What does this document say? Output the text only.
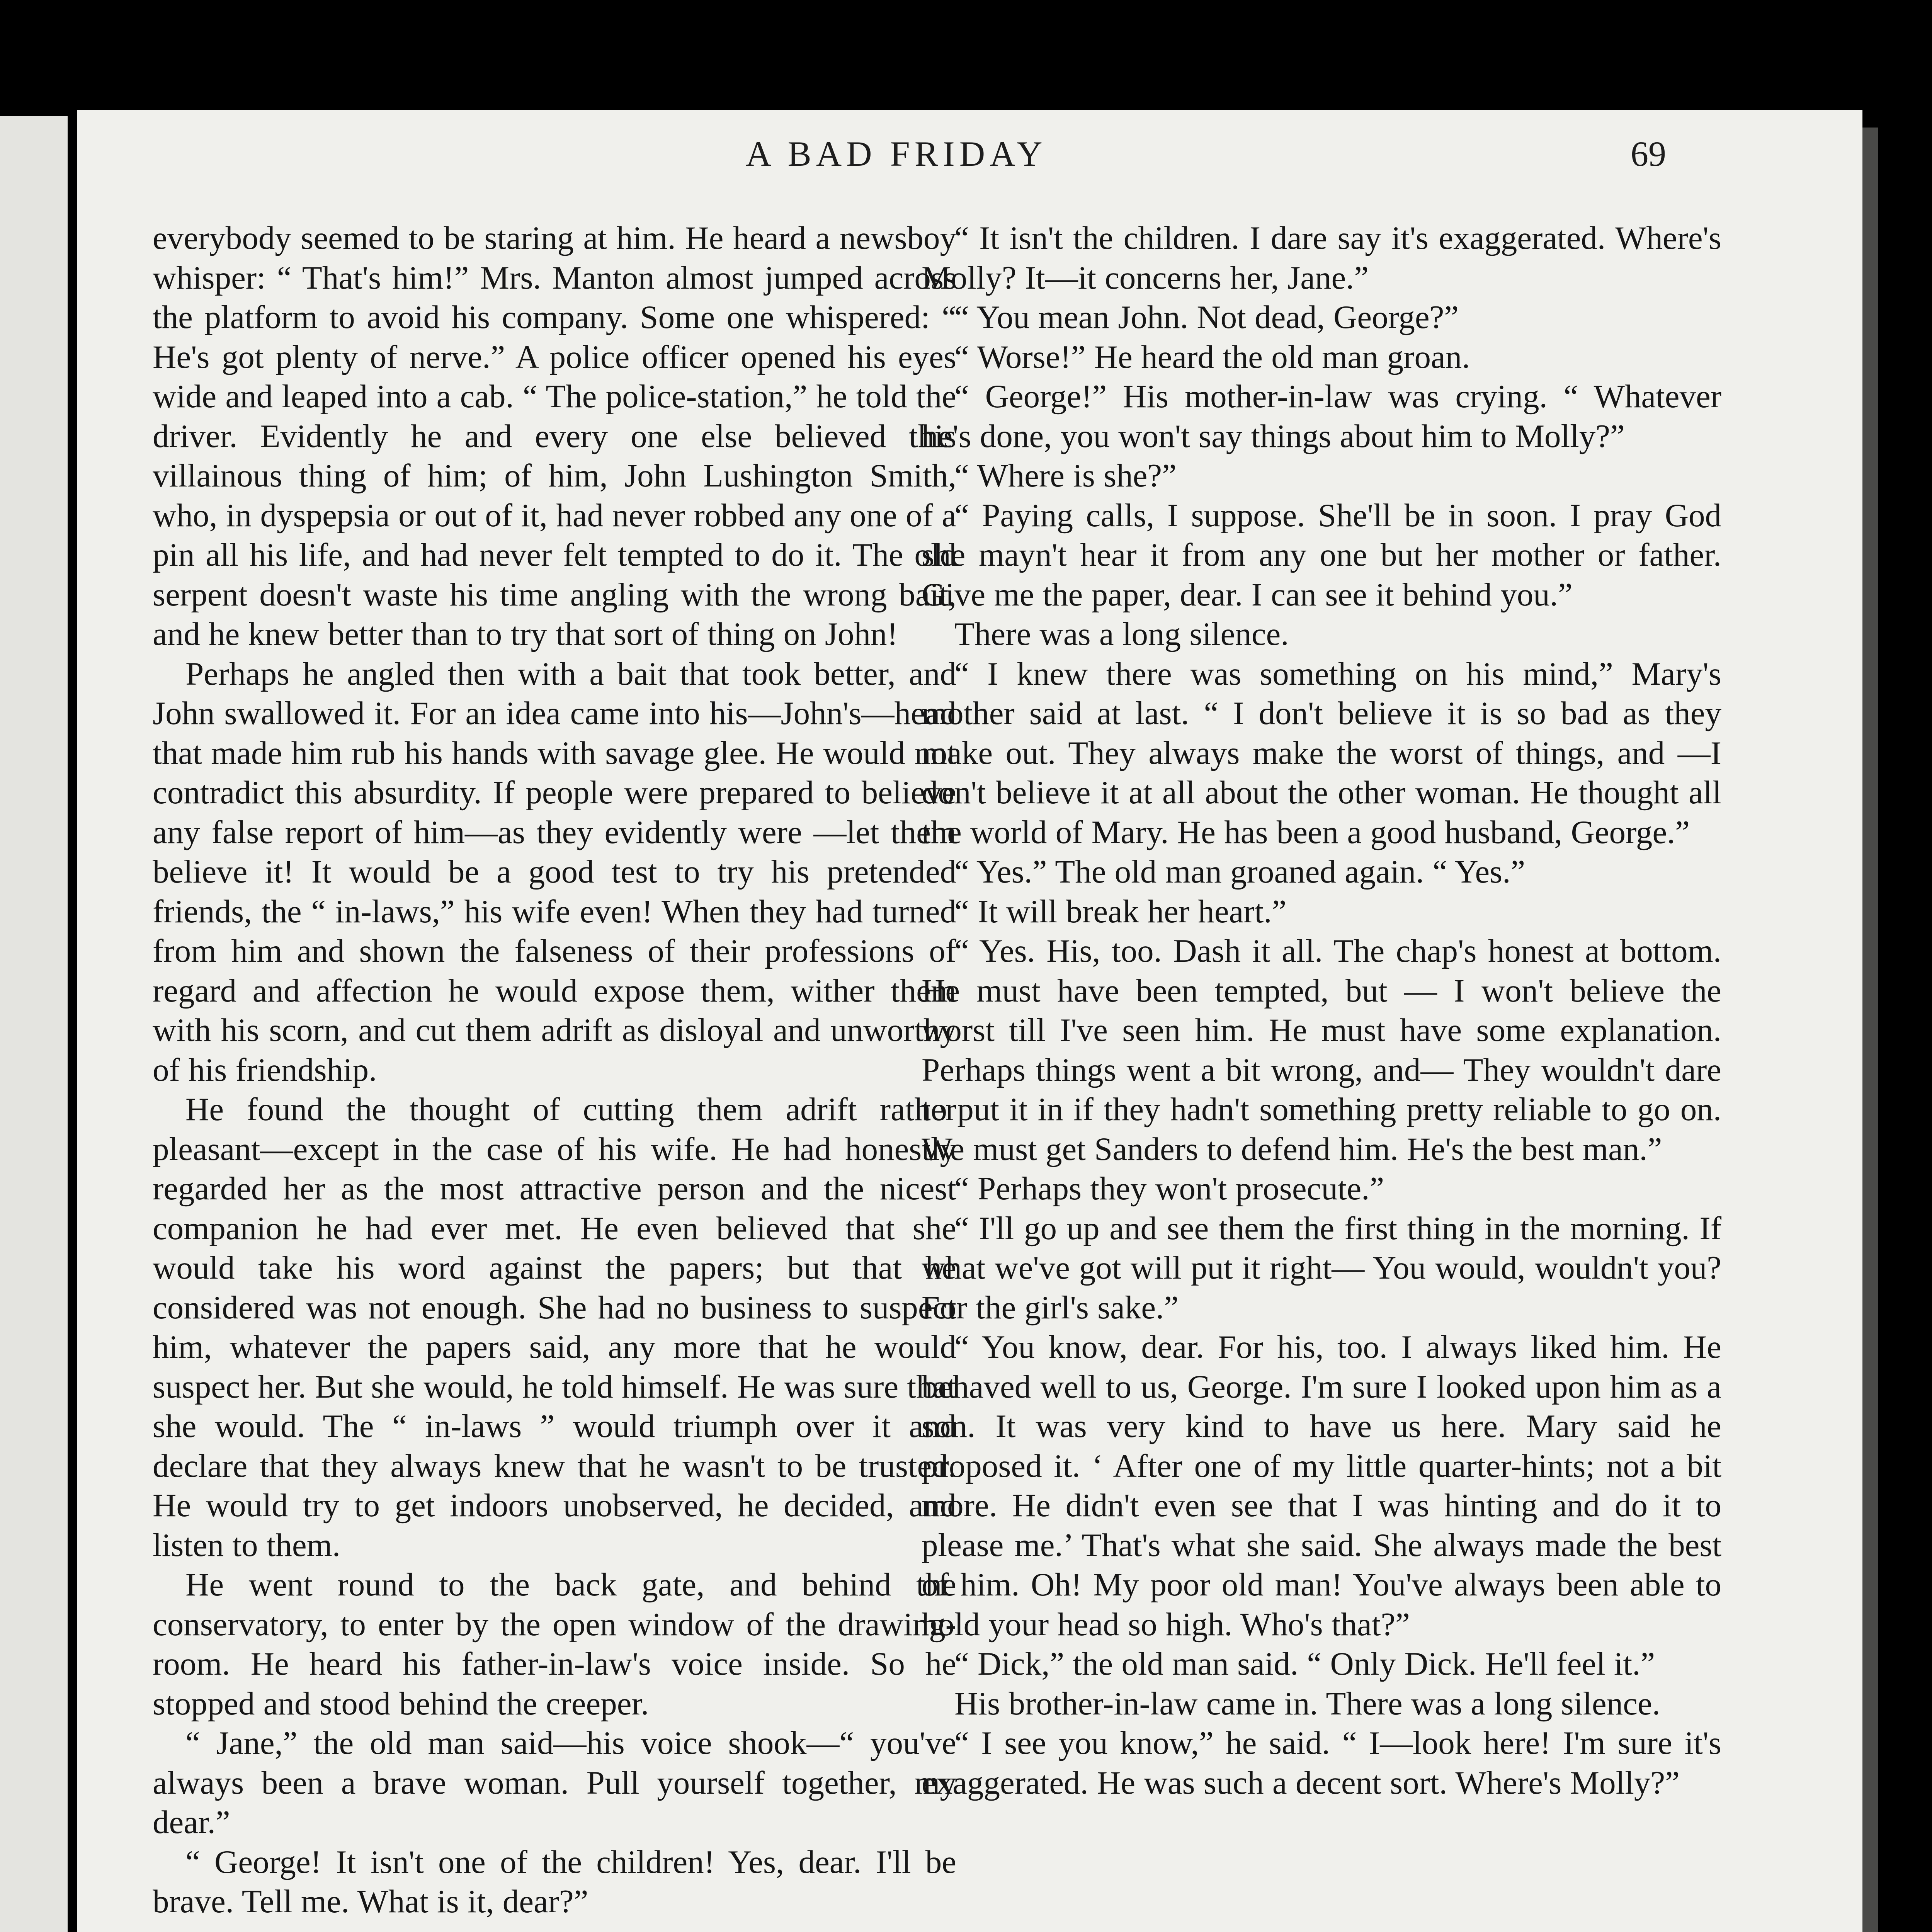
A BAD FRIDAY	69

everybody seemed to be staring at him. He heard a newsboy whisper: “ That's him!” Mrs. Manton almost jumped across the platform to avoid his company. Some one whispered: “ He's got plenty of nerve.” A police officer opened his eyes wide and leaped into a cab. “ The police-station,” he told the driver. Evidently he and every one else believed this villainous thing of him; of him, John Lushington Smith, who, in dyspepsia or out of it, had never robbed any one of a pin all his life, and had never felt tempted to do it. The old serpent doesn't waste his time angling with the wrong bait, and he knew better than to try that sort of thing on John!

Perhaps he angled then with a bait that took better, and John swallowed it. For an idea came into his—John's—head that made him rub his hands with savage glee. He would not contradict this absurdity. If people were prepared to believe any false report of him—as they evidently were —let them believe it! It would be a good test to try his pretended friends, the “ in-laws,” his wife even! When they had turned from him and shown the falseness of their professions of regard and affection he would expose them, wither them with his scorn, and cut them adrift as disloyal and unworthy of his friendship.

He found the thought of cutting them adrift rather pleasant—except in the case of his wife. He had honestly regarded her as the most attractive person and the nicest companion he had ever met. He even believed that she would take his word against the papers; but that he considered was not enough. She had no business to suspect him, whatever the papers said, any more that he would suspect her. But she would, he told himself. He was sure that she would. The “ in-laws ” would triumph over it and declare that they always knew that he wasn't to be trusted. He would try to get indoors unobserved, he decided, and listen to them.

He went round to the back gate, and behind the conservatory, to enter by the open window of the drawing-room. He heard his father-in-law's voice inside. So he stopped and stood behind the creeper.

“ Jane,” the old man said—his voice shook—“ you've always been a brave woman. Pull yourself together, my dear.”

“ George! It isn't one of the children! Yes, dear. I'll be brave. Tell me. What is it, dear?”

“ It isn't the children. I dare say it's exaggerated. Where's Molly? It—it concerns her, Jane.”

“ You mean John. Not dead, George?”

“ Worse!” He heard the old man groan.

“ George!” His mother-in-law was crying. “ Whatever he's done, you won't say things about him to Molly?”

“ Where is she?”

“ Paying calls, I suppose. She'll be in soon. I pray God she mayn't hear it from any one but her mother or father. Give me the paper, dear. I can see it behind you.”

There was a long silence.

“ I knew there was something on his mind,” Mary's mother said at last. “ I don't believe it is so bad as they make out. They always make the worst of things, and —I don't believe it at all about the other woman. He thought all the world of Mary. He has been a good husband, George.”

“ Yes.” The old man groaned again. “ Yes.”

“ It will break her heart.”

“ Yes. His, too. Dash it all. The chap's honest at bottom. He must have been tempted, but — I won't believe the worst till I've seen him. He must have some explanation. Perhaps things went a bit wrong, and— They wouldn't dare to put it in if they hadn't something pretty reliable to go on. We must get Sanders to defend him. He's the best man.”

“ Perhaps they won't prosecute.”

“ I'll go up and see them the first thing in the morning. If what we've got will put it right— You would, wouldn't you? For the girl's sake.”

“ You know, dear. For his, too. I always liked him. He behaved well to us, George. I'm sure I looked upon him as a son. It was very kind to have us here. Mary said he proposed it. ‘ After one of my little quarter-hints; not a bit more. He didn't even see that I was hinting and do it to please me.’ That's what she said. She always made the best of him. Oh! My poor old man! You've always been able to hold your head so high. Who's that?”

“ Dick,” the old man said. “ Only Dick. He'll feel it.”

His brother-in-law came in. There was a long silence.

“ I see you know,” he said. “ I—look here! I'm sure it's exaggerated. He was such a decent sort. Where's Molly?”
